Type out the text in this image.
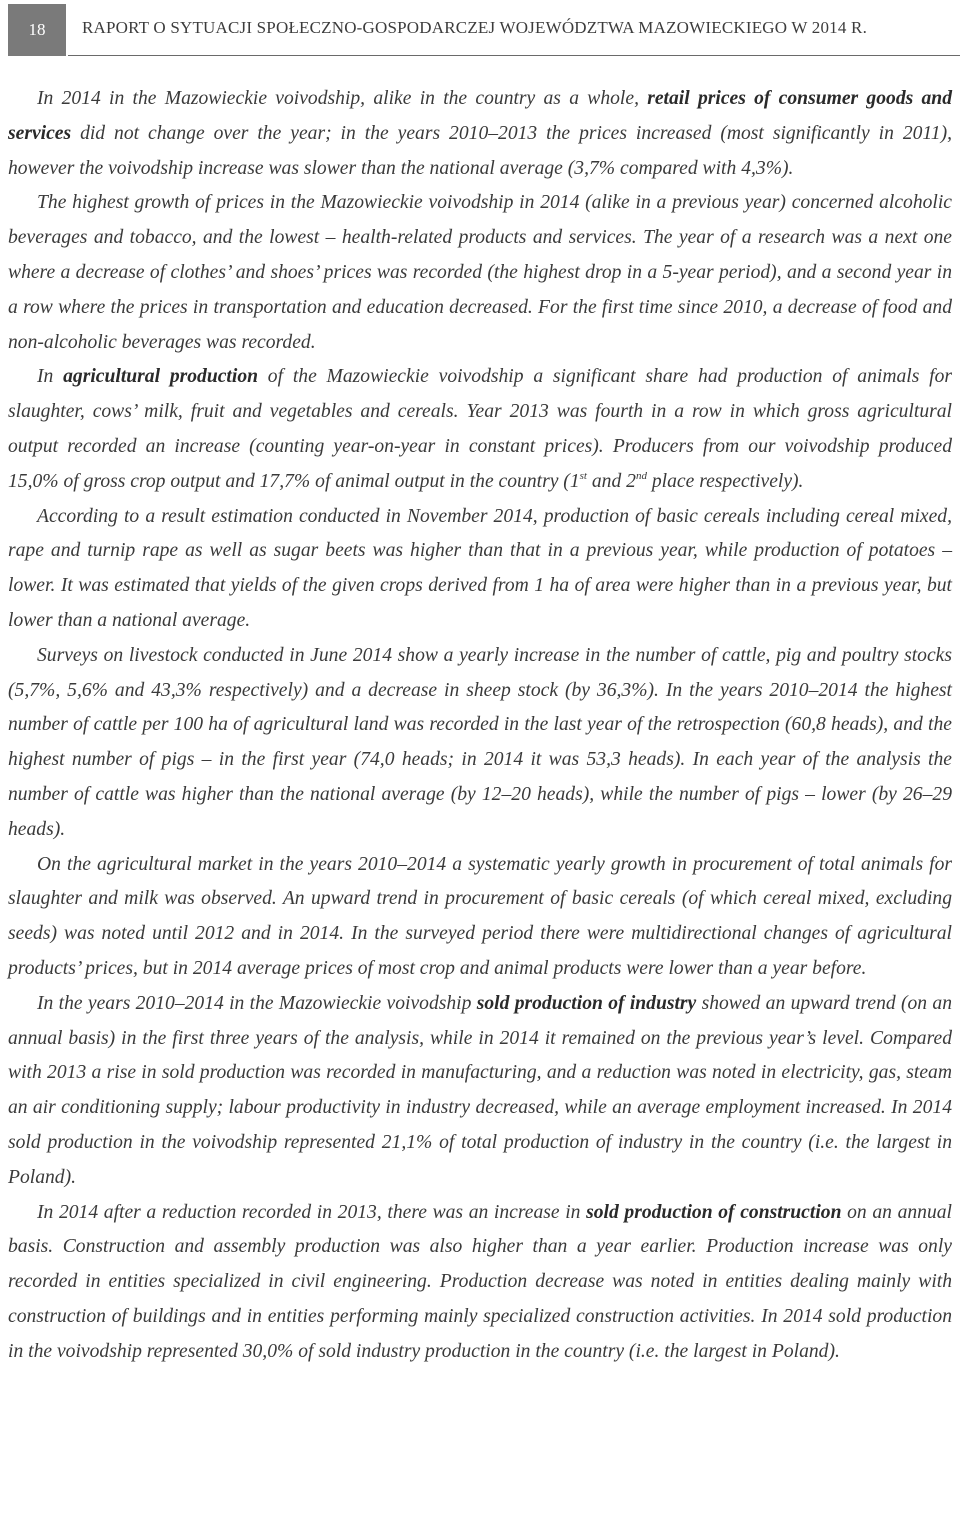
18	RAPORT O SYTUACJI SPOŁECZNO-GOSPODARCZEJ WOJEWÓDZTWA MAZOWIECKIEGO W 2014 R.

In 2014 in the Mazowieckie voivodship, alike in the country as a whole, retail prices of consumer goods and services did not change over the year; in the years 2010–2013 the prices increased (most significantly in 2011), however the voivodship increase was slower than the national average (3,7% compared with 4,3%).

The highest growth of prices in the Mazowieckie voivodship in 2014 (alike in a previous year) concerned alcoholic beverages and tobacco, and the lowest – health-related products and services. The year of a research was a next one where a decrease of clothes’ and shoes’ prices was recorded (the highest drop in a 5-year period), and a second year in a row where the prices in transportation and education decreased. For the first time since 2010, a decrease of food and non-alcoholic beverages was recorded.

In agricultural production of the Mazowieckie voivodship a significant share had production of animals for slaughter, cows’ milk, fruit and vegetables and cereals. Year 2013 was fourth in a row in which gross agricultural output recorded an increase (counting year-on-year in constant prices). Producers from our voivodship produced 15,0% of gross crop output and 17,7% of animal output in the country (1st and 2nd place respectively).

According to a result estimation conducted in November 2014, production of basic cereals including cereal mixed, rape and turnip rape as well as sugar beets was higher than that in a previous year, while production of potatoes – lower. It was estimated that yields of the given crops derived from 1 ha of area were higher than in a previous year, but lower than a national average.

Surveys on livestock conducted in June 2014 show a yearly increase in the number of cattle, pig and poultry stocks (5,7%, 5,6% and 43,3% respectively) and a decrease in sheep stock (by 36,3%). In the years 2010–2014 the highest number of cattle per 100 ha of agricultural land was recorded in the last year of the retrospection (60,8 heads), and the highest number of pigs – in the first year (74,0 heads; in 2014 it was 53,3 heads). In each year of the analysis the number of cattle was higher than the national average (by 12–20 heads), while the number of pigs – lower (by 26–29 heads).

On the agricultural market in the years 2010–2014 a systematic yearly growth in procurement of total animals for slaughter and milk was observed. An upward trend in procurement of basic cereals (of which cereal mixed, excluding seeds) was noted until 2012 and in 2014. In the surveyed period there were multidirectional changes of agricultural products’ prices, but in 2014 average prices of most crop and animal products were lower than a year before.

In the years 2010–2014 in the Mazowieckie voivodship sold production of industry showed an upward trend (on an annual basis) in the first three years of the analysis, while in 2014 it remained on the previous year’s level. Compared with 2013 a rise in sold production was recorded in manufacturing, and a reduction was noted in electricity, gas, steam an air conditioning supply; labour productivity in industry decreased, while an average employment increased. In 2014 sold production in the voivodship represented 21,1% of total production of industry in the country (i.e. the largest in Poland).

In 2014 after a reduction recorded in 2013, there was an increase in sold production of construction on an annual basis. Construction and assembly production was also higher than a year earlier. Production increase was only recorded in entities specialized in civil engineering. Production decrease was noted in entities dealing mainly with construction of buildings and in entities performing mainly specialized construction activities. In 2014 sold production in the voivodship represented 30,0% of sold industry production in the country (i.e. the largest in Poland).
